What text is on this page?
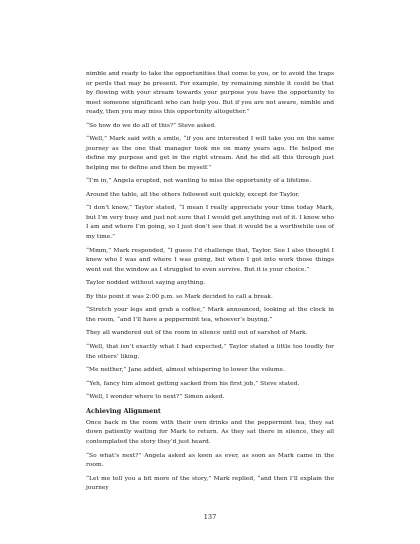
nimble and ready to take the opportunities that come to you, or to avoid the traps or perils that may be present. For example, by remaining nimble it could be that by flowing with your stream towards your purpose you have the opportunity to meet someone significant who can help you. But if you are not aware, nimble and ready, then you may miss this opportunity altogether.”

“So how do we do all of this?” Steve asked.

“Well,” Mark said with a smile, “if you are interested I will take you on the same journey as the one that manager took me on many years ago. He helped me define my purpose and get in the right stream. And he did all this through just helping me to define and then be myself.”

“I’m in,” Angela erupted, not wanting to miss the opportunity of a lifetime.

Around the table, all the others followed suit quickly, except for Taylor.

“I don’t know,” Taylor stated, “I mean I really appreciate your time today Mark, but I’m very busy and just not sure that I would get anything out of it. I know who I am and where I’m going, so I just don’t see that it would be a worthwhile use of my time.”

“Mmm,” Mark responded, “I guess I’d challenge that, Taylor. See I also thought I knew who I was and where I was going, but when I got into work those things went out the window as I struggled to even survive. But it is your choice.”

Taylor nodded without saying anything.

By this point it was 2:00 p.m. so Mark decided to call a break.

“Stretch your legs and grab a coffee,” Mark announced, looking at the clock in the room, “and I’ll have a peppermint tea, whoever’s buying.”

They all wandered out of the room in silence until out of earshot of Mark.

“Well, that isn’t exactly what I had expected,” Taylor stated a little too loudly for the others’ liking.

“Me neither,” Jane added, almost whispering to lower the volume.

“Yeh, fancy him almost getting sacked from his first job,” Steve stated.

“Well, I wonder where to next?” Simon asked.

Achieving Alignment

Once back in the room with their own drinks and the peppermint tea, they sat down patiently waiting for Mark to return. As they sat there in silence, they all contemplated the story they’d just heard.

“So what’s next?” Angela asked as keen as ever, as soon as Mark came in the room.

“Let me tell you a bit more of the story,” Mark replied, “and then I’ll explain the journey

137
